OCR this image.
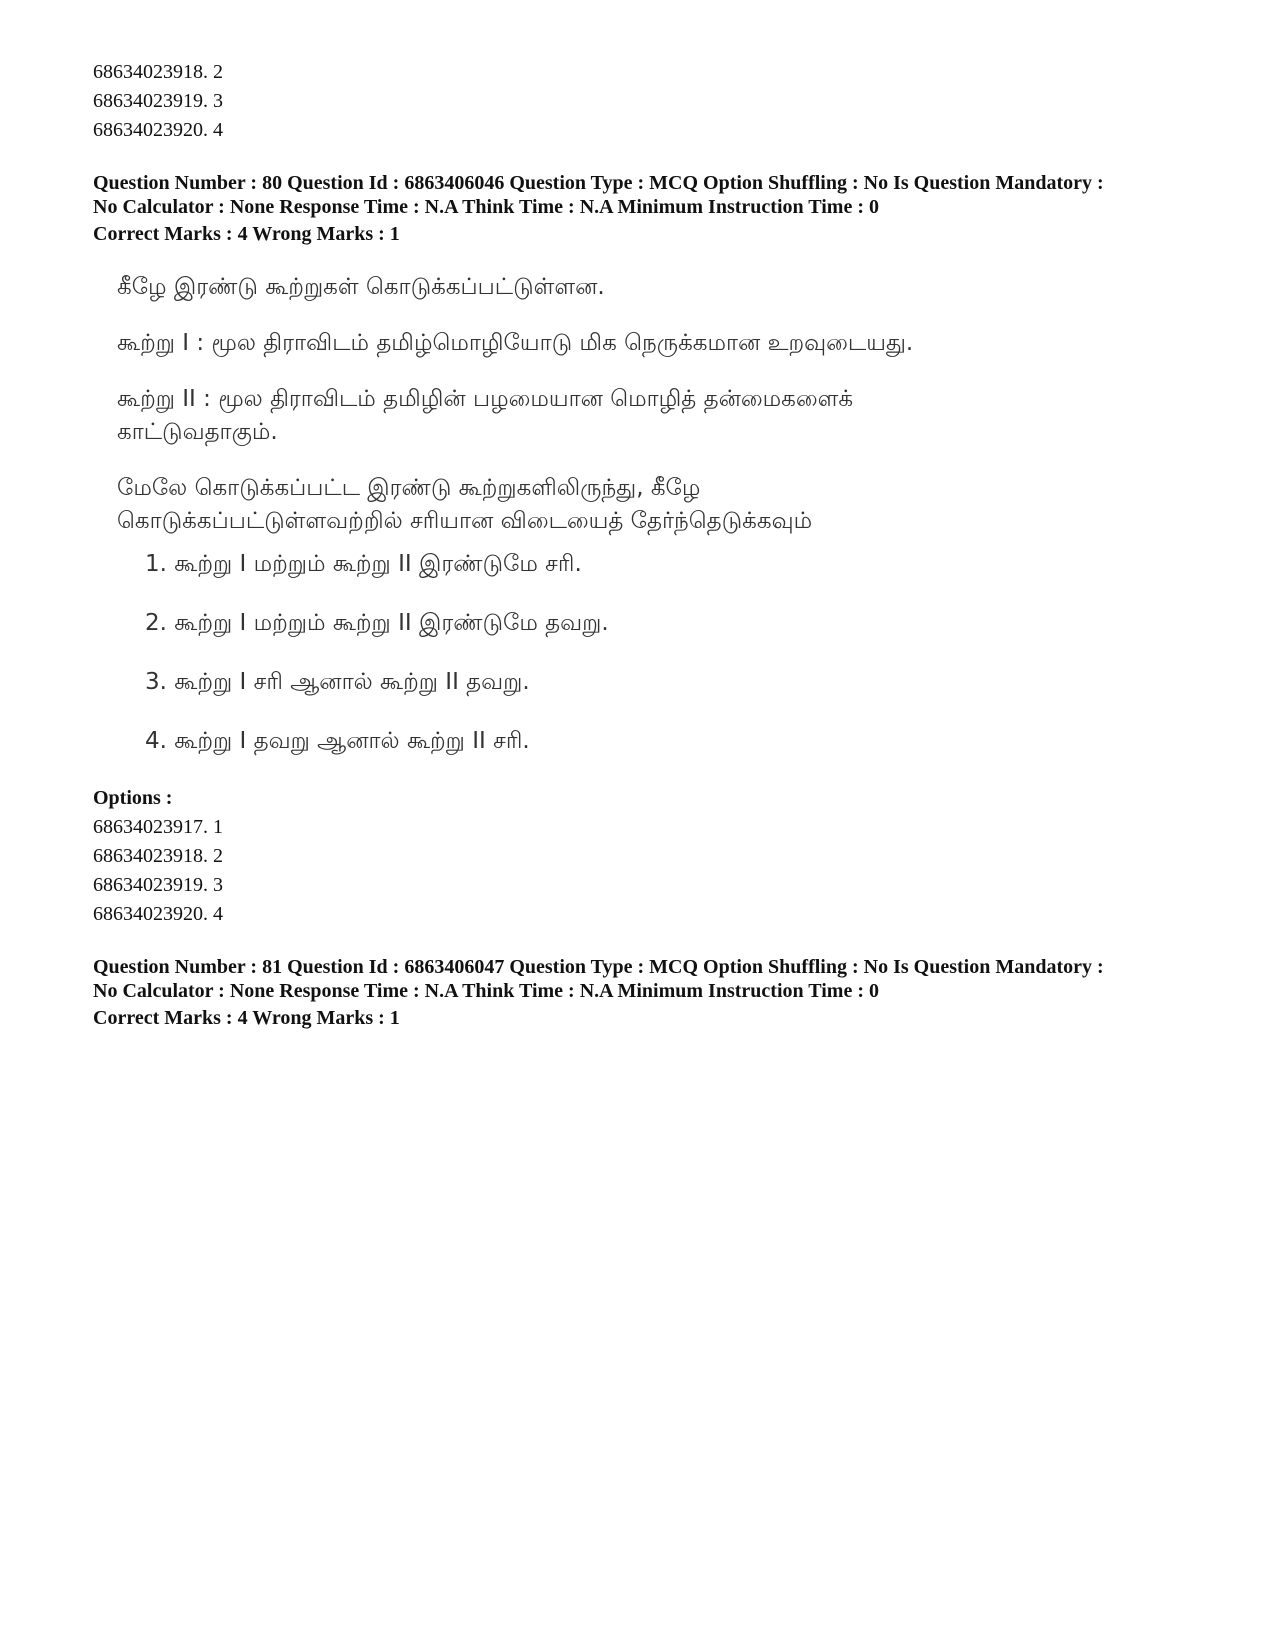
68634023918. 2
68634023919. 3
68634023920. 4
Question Number : 80 Question Id : 6863406046 Question Type : MCQ Option Shuffling : No Is Question Mandatory :
No Calculator : None Response Time : N.A Think Time : N.A Minimum Instruction Time : 0
Correct Marks : 4 Wrong Marks : 1
கீழே இரண்டு கூற்றுகள் கொடுக்கப்பட்டுள்ளன.
கூற்று I : மூல திராவிடம் தமிழ்மொழியோடு மிக நெருக்கமான உறவுடையது.
கூற்று II : மூல திராவிடம் தமிழின் பழமையான மொழித் தன்மைகளைக்
காட்டுவதாகும்.
மேலே கொடுக்கப்பட்ட இரண்டு கூற்றுகளிலிருந்து, கீழே
கொடுக்கப்பட்டுள்ளவற்றில் சரியான விடையைத் தேர்ந்தெடுக்கவும்
1. கூற்று I மற்றும் கூற்று II இரண்டுமே சரி.
2. கூற்று I மற்றும் கூற்று II இரண்டுமே தவறு.
3. கூற்று I சரி ஆனால் கூற்று II தவறு.
4. கூற்று I தவறு ஆனால் கூற்று II சரி.
Options :
68634023917. 1
68634023918. 2
68634023919. 3
68634023920. 4
Question Number : 81 Question Id : 6863406047 Question Type : MCQ Option Shuffling : No Is Question Mandatory :
No Calculator : None Response Time : N.A Think Time : N.A Minimum Instruction Time : 0
Correct Marks : 4 Wrong Marks : 1
